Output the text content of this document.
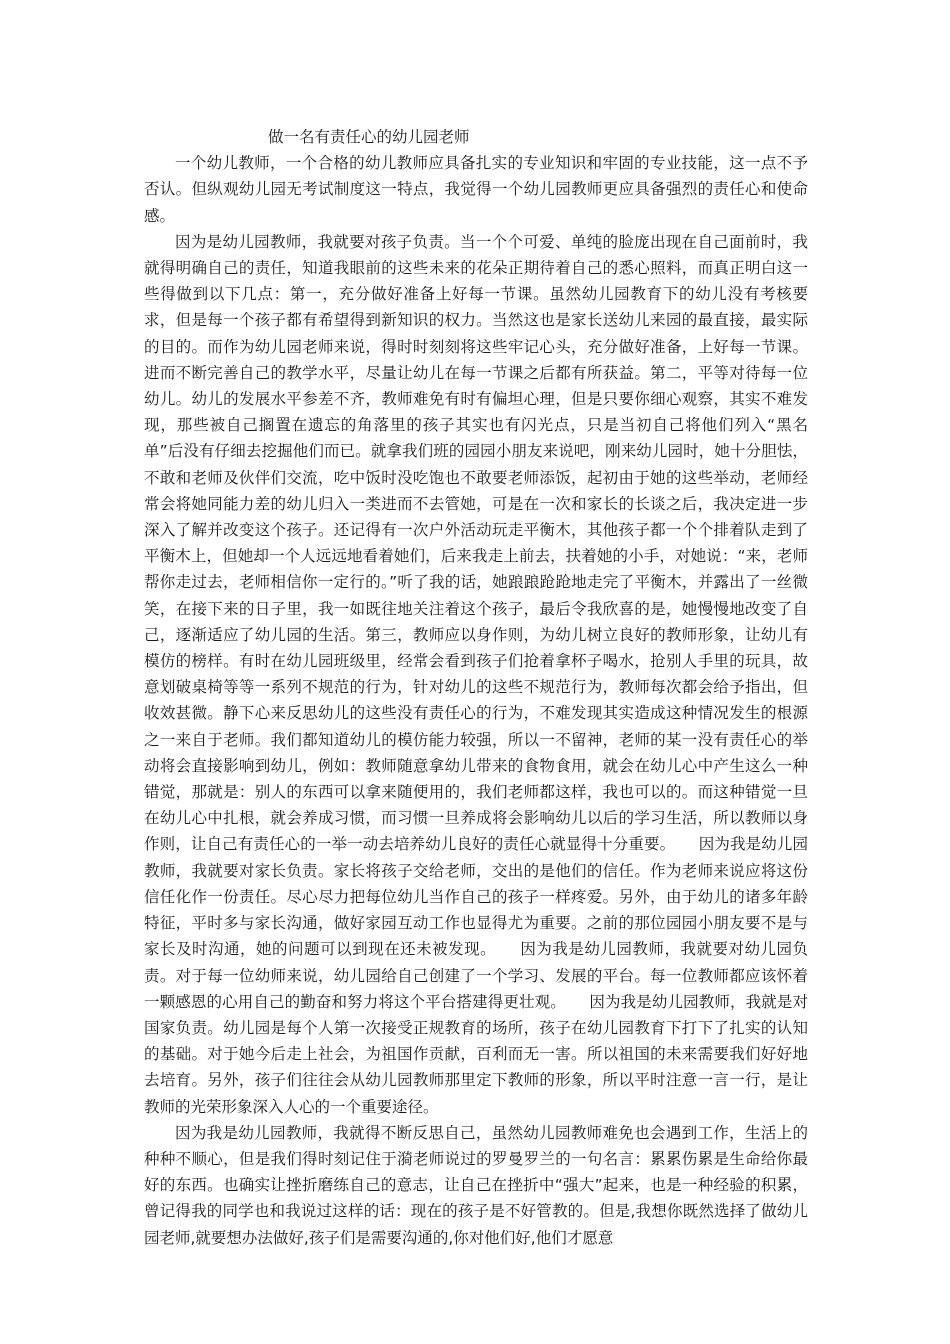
做一名有责任心的幼儿园老师

一个幼儿教师，一个合格的幼儿教师应具备扎实的专业知识和牢固的专业技能，这一点不予否认。但纵观幼儿园无考试制度这一特点，我觉得一个幼儿园教师更应具备强烈的责任心和使命感。

因为是幼儿园教师，我就要对孩子负责。当一个个可爱、单纯的脸庞出现在自己面前时，我就得明确自己的责任，知道我眼前的这些未来的花朵正期待着自己的悉心照料，而真正明白这一些得做到以下几点：第一，充分做好准备上好每一节课。虽然幼儿园教育下的幼儿没有考核要求，但是每一个孩子都有希望得到新知识的权力。当然这也是家长送幼儿来园的最直接，最实际的目的。而作为幼儿园老师来说，得时时刻刻将这些牢记心头，充分做好准备，上好每一节课。进而不断完善自己的教学水平，尽量让幼儿在每一节课之后都有所获益。第二，平等对待每一位幼儿。幼儿的发展水平参差不齐，教师难免有时有偏坦心理，但是只要你细心观察，其实不难发现，那些被自己搁置在遗忘的角落里的孩子其实也有闪光点，只是当初自己将他们列入“黑名单”后没有仔细去挖掘他们而已。就拿我们班的园园小朋友来说吧，刚来幼儿园时，她十分胆怯，不敢和老师及伙伴们交流，吃中饭时没吃饱也不敢要老师添饭，起初由于她的这些举动，老师经常会将她同能力差的幼儿归入一类进而不去管她，可是在一次和家长的长谈之后，我决定进一步深入了解并改变这个孩子。还记得有一次户外活动玩走平衡木，其他孩子都一个个排着队走到了平衡木上，但她却一个人远远地看着她们，后来我走上前去，扶着她的小手，对她说：“来，老师帮你走过去，老师相信你一定行的。”听了我的话，她踉踉跄跄地走完了平衡木，并露出了一丝微笑，在接下来的日子里，我一如既往地关注着这个孩子，最后令我欣喜的是，她慢慢地改变了自己，逐渐适应了幼儿园的生活。第三，教师应以身作则，为幼儿树立良好的教师形象，让幼儿有模仿的榜样。有时在幼儿园班级里，经常会看到孩子们抢着拿杯子喝水，抢别人手里的玩具，故意划破桌椅等等一系列不规范的行为，针对幼儿的这些不规范行为，教师每次都会给予指出，但收效甚微。静下心来反思幼儿的这些没有责任心的行为，不难发现其实造成这种情况发生的根源之一来自于老师。我们都知道幼儿的模仿能力较强，所以一不留神，老师的某一没有责任心的举动将会直接影响到幼儿，例如：教师随意拿幼儿带来的食物食用，就会在幼儿心中产生这么一种错觉，那就是：别人的东西可以拿来随便用的，我们老师都这样，我也可以的。而这种错觉一旦在幼儿心中扎根，就会养成习惯，而习惯一旦养成将会影响幼儿以后的学习生活，所以教师以身作则，让自己有责任心的一举一动去培养幼儿良好的责任心就显得十分重要。　　因为我是幼儿园教师，我就要对家长负责。家长将孩子交给老师，交出的是他们的信任。作为老师来说应将这份信任化作一份责任。尽心尽力把每位幼儿当作自己的孩子一样疼爱。另外，由于幼儿的诸多年龄特征，平时多与家长沟通，做好家园互动工作也显得尤为重要。之前的那位园园小朋友要不是与家长及时沟通，她的问题可以到现在还未被发现。　　因为我是幼儿园教师，我就要对幼儿园负责。对于每一位幼师来说，幼儿园给自己创建了一个学习、发展的平台。每一位教师都应该怀着一颗感恩的心用自己的勤奋和努力将这个平台搭建得更壮观。　　因为我是幼儿园教师，我就是对国家负责。幼儿园是每个人第一次接受正规教育的场所，孩子在幼儿园教育下打下了扎实的认知的基础。对于她今后走上社会，为祖国作贡献，百利而无一害。所以祖国的未来需要我们好好地去培育。另外，孩子们往往会从幼儿园教师那里定下教师的形象，所以平时注意一言一行，是让教师的光荣形象深入人心的一个重要途径。

因为我是幼儿园教师，我就得不断反思自己，虽然幼儿园教师难免也会遇到工作，生活上的种种不顺心，但是我们得时刻记住于漪老师说过的罗曼罗兰的一句名言：累累伤累是生命给你最好的东西。也确实让挫折磨练自己的意志，让自己在挫折中“强大”起来，也是一种经验的积累，曾记得我的同学也和我说过这样的话：现在的孩子是不好管教的。但是,我想你既然选择了做幼儿园老师,就要想办法做好,孩子们是需要沟通的,你对他们好,他们才愿意
